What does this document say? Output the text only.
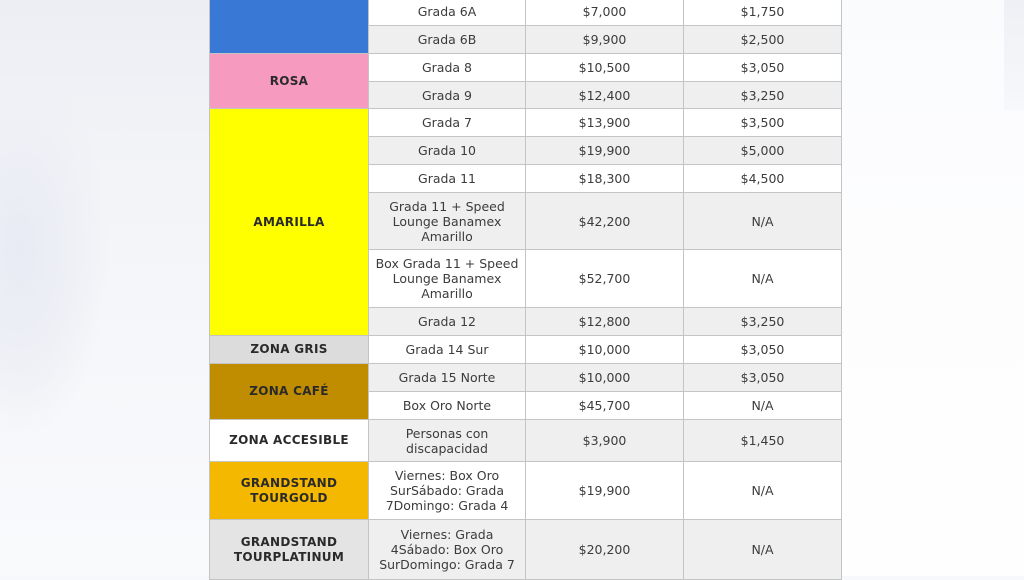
	Grada 6A	$7,000	$1,750
	Grada 6B	$9,900	$2,500
ROSA	Grada 8	$10,500	$3,050
	Grada 9	$12,400	$3,250
AMARILLA	Grada 7	$13,900	$3,500
	Grada 10	$19,900	$5,000
	Grada 11	$18,300	$4,500
	Grada 11 + Speed Lounge Banamex Amarillo	$42,200	N/A
	Box Grada 11 + Speed Lounge Banamex Amarillo	$52,700	N/A
	Grada 12	$12,800	$3,250
ZONA GRIS	Grada 14 Sur	$10,000	$3,050
ZONA CAFÉ	Grada 15 Norte	$10,000	$3,050
	Box Oro Norte	$45,700	N/A
ZONA ACCESIBLE	Personas con discapacidad	$3,900	$1,450
GRANDSTAND TOURGOLD	Viernes: Box Oro SurSábado: Grada 7Domingo: Grada 4	$19,900	N/A
GRANDSTAND TOURPLATINUM	Viernes: Grada 4Sábado: Box Oro SurDomingo: Grada 7	$20,200	N/A
